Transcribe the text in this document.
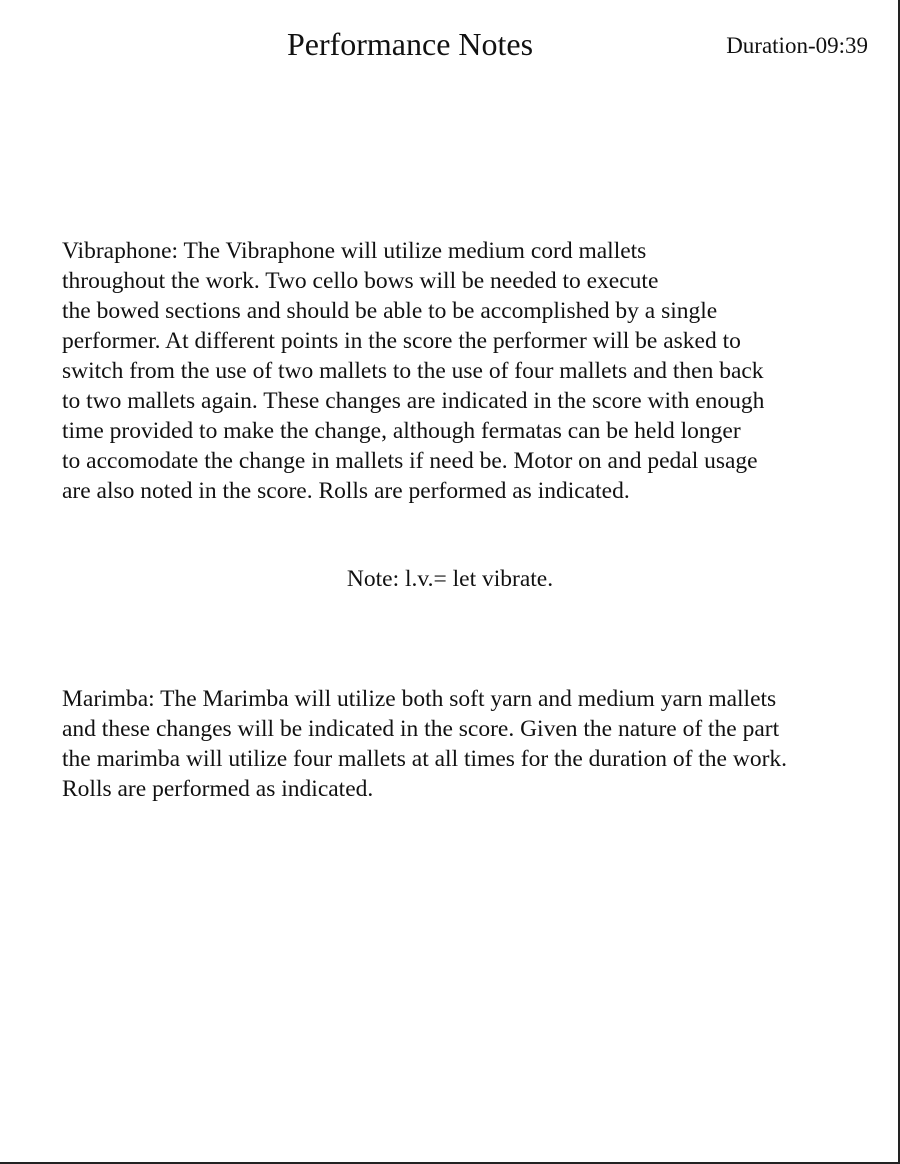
Performance Notes	Duration-09:39

Vibraphone: The Vibraphone will utilize medium cord mallets
throughout the work. Two cello bows will be needed to execute
the bowed sections and should be able to be accomplished by a single
performer. At different points in the score the performer will be asked to
switch from the use of two mallets to the use of four mallets and then back
to two mallets again. These changes are indicated in the score with enough
time provided to make the change, although fermatas can be held longer
to accomodate the change in mallets if need be. Motor on and pedal usage
are also noted in the score. Rolls are performed as indicated.

Note: l.v.= let vibrate.

Marimba: The Marimba will utilize both soft yarn and medium yarn mallets
and these changes will be indicated in the score. Given the nature of the part
the marimba will utilize four mallets at all times for the duration of the work.
Rolls are performed as indicated.
